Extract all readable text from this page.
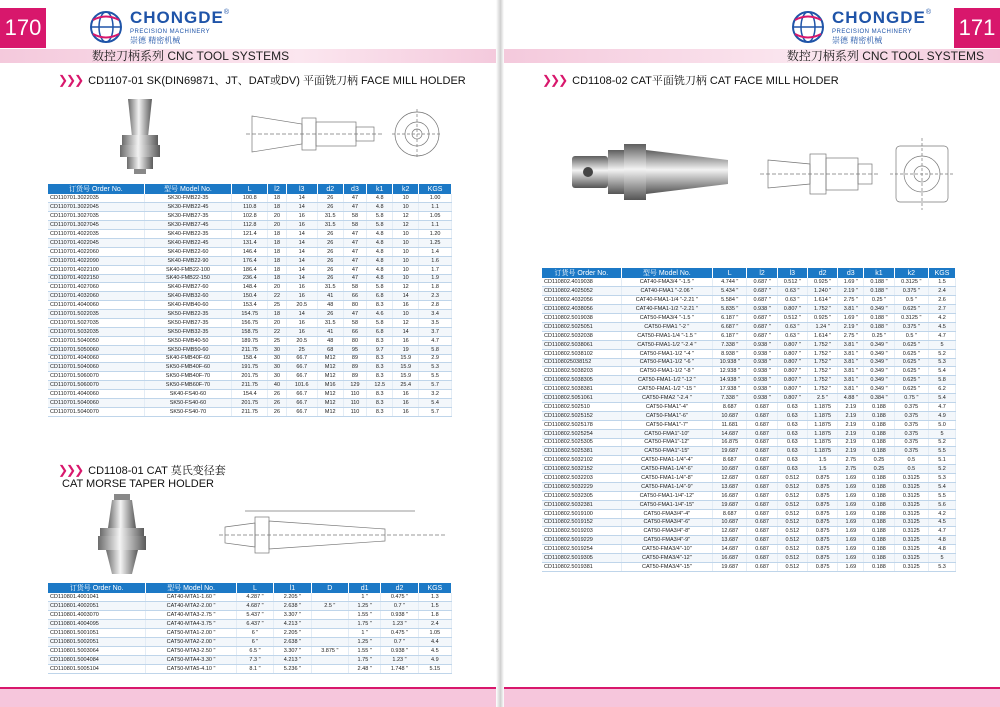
170	CHONGDE®
PRECISION MACHINERY
崇德 精密机械
数控刀柄系列 CNC TOOL SYSTEMS
❯❯❯ CD1107-01 SK(DIN69871、JT、DAT或DV) 平面铣刀柄 FACE MILL HOLDER
订货号 Order No.	型号 Model No.	L	l2	l3	d2	d3	k1	k2	KGS
CD110701.3022035	SK30-FMB22-35	100.8	18	14	26	47	4.8	10	1.00
CD110701.3022045	SK30-FMB22-45	110.8	18	14	26	47	4.8	10	1.1
CD110701.3027035	SK30-FMB27-35	102.8	20	16	31.5	58	5.8	12	1.05
CD110701.3027045	SK30-FMB27-45	112.8	20	16	31.5	58	5.8	12	1.1
CD110701.4022035	SK40-FMB22-35	121.4	18	14	26	47	4.8	10	1.20
CD110701.4022045	SK40-FMB22-45	131.4	18	14	26	47	4.8	10	1.25
CD110701.4022060	SK40-FMB22-60	146.4	18	14	26	47	4.8	10	1.4
CD110701.4022090	SK40-FMB22-90	176.4	18	14	26	47	4.8	10	1.6
CD110701.4022100	SK40-FMB22-100	186.4	18	14	26	47	4.8	10	1.7
CD110701.4022150	SK40-FMB22-150	236.4	18	14	26	47	4.8	10	1.9
CD110701.4027060	SK40-FMB27-60	148.4	20	16	31.5	58	5.8	12	1.8
CD110701.4032060	SK40-FMB32-60	150.4	22	16	41	66	6.8	14	2.3
CD110701.4040060	SK40-FMB40-60	153.4	25	20.5	48	80	8.3	16	2.8
CD110701.5022035	SK50-FMB22-35	154.75	18	14	26	47	4.6	10	3.4
CD110701.5027035	SK50-FMB27-35	156.75	20	16	31.5	58	5.8	12	3.5
CD110701.5032035	SK50-FMB32-35	158.75	22	16	41	66	6.8	14	3.7
CD110701.5040050	SK50-FMB40-50	189.75	25	20.5	48	80	8.3	16	4.7
CD110701.5050060	SK50-FMB50-60	211.75	30	25	68	95	9.7	19	5.8
CD110701.4040060	SK40-FMB40F-60	158.4	30	66.7	M12	89	8.3	15.9	2.9
CD110701.5040060	SK50-FMB40F-60	191.75	30	66.7	M12	89	8.3	15.9	5.3
CD110701.5060070	SK50-FMB40F-70	201.75	30	66.7	M12	89	8.3	15.9	5.5
CD110701.5060070	SK50-FMB60F-70	211.75	40	101.6	M16	129	12.5	25.4	5.7
CD110701.4040060	SK40-FS40-60	154.4	26	66.7	M12	110	8.3	16	3.2
CD110701.5040060	SK50-FS40-60	201.75	26	66.7	M12	110	8.3	16	5.4
CD110701.5040070	SK50-FS40-70	211.75	26	66.7	M12	110	8.3	16	5.7
❯❯❯ CD1108-01 CAT 莫氏变径套
CAT MORSE TAPER HOLDER
订货号 Order No.	型号 Model No.	L	l1	D	d1	d2	KGS
CD110801.4001041	CAT40-MTA1-1.60 "	4.287 "	2.205 "		1 "	0.475 "	1.3
CD110801.4002051	CAT40-MTA2-2.00 "	4.687 "	2.638 "	2.5 "	1.25 "	0.7 "	1.5
CD110801.4003070	CAT40-MTA3-2.75 "	5.437 "	3.307 "		1.55 "	0.938 "	1.8
CD110801.4004095	CAT40-MTA4-3.75 "	6.437 "	4.213 "		1.75 "	1.23 "	2.4
CD110801.5001051	CAT50-MTA1-2.00 "	6 "	2.205 "		1 "	0.475 "	1.05
CD110801.5002051	CAT50-MTA2-2.00 "	6 "	2.638 "		1.25 "	0.7 "	4.4
CD110801.5003064	CAT50-MTA3-2.50 "	6.5 "	3.307 "	3.875 "	1.55 "	0.938 "	4.5
CD110801.5004084	CAT50-MTA4-3.30 "	7.3 "	4.213 "		1.75 "	1.23 "	4.9
CD110801.5005104	CAT50-MTA5-4.10 "	8.1 "	5.236 "		2.48 "	1.748 "	5.15
171
CHONGDE®
PRECISION MACHINERY
崇德 精密机械
数控刀柄系列 CNC TOOL SYSTEMS
❯❯❯ CD1108-02 CAT平面铣刀柄 CAT FACE MILL HOLDER
订货号 Order No.	型号 Model No.	L	l2	l3	d2	d3	k1	k2	KGS
CD110802.4019038	CAT40-FMA3/4 "-1.5 "	4.744 "	0.687 "	0.512 "	0.925 "	1.69 "	0.188 "	0.3125 "	1.5
CD110802.4025052	CAT40-FMA1 "-2.06 "	5.434 "	0.687 "	0.63 "	1.240 "	2.19 "	0.188 "	0.375 "	2.4
CD110802.4032056	CAT40-FMA1-1/4 "-2.21 "	5.584 "	0.687 "	0.63 "	1.614 "	2.75 "	0.25 "	0.5 "	2.6
CD110802.4038056	CAT40-FMA1-1/2 "-2.21 "	5.835 "	0.938 "	0.807 "	1.752 "	3.81 "	0.349 "	0.625 "	2.7
CD110802.5019038	CAT50-FMA3/4 "-1.5 "	6.187 "	0.687 "	0.512 "	0.925 "	1.69 "	0.188 "	0.3125 "	4.2
CD110802.5025051	CAT50-FMA1 "-2 "	6.687 "	0.687 "	0.63 "	1.24 "	2.19 "	0.188 "	0.375 "	4.5
CD110802.5032038	CAT50-FMA1-1/4 "-1.5 "	6.187 "	0.687 "	0.63 "	1.614 "	2.75 "	0.25 "	0.5 "	4.7
CD110802.5038061	CAT50-FMA1-1/2 "-2.4 "	7.338 "	0.938 "	0.807 "	1.752 "	3.81 "	0.349 "	0.625 "	5
CD110802.5038102	CAT50-FMA1-1/2 "-4 "	8.938 "	0.938 "	0.807 "	1.752 "	3.81 "	0.349 "	0.625 "	5.2
CD1108025038152	CAT50-FMA1-1/2 "-6 "	10.938 "	0.938 "	0.807 "	1.752 "	3.81 "	0.349 "	0.625 "	5.3
CD110802.5038203	CAT50-FMA1-1/2 "-8 "	12.938 "	0.938 "	0.807 "	1.752 "	3.81 "	0.349 "	0.625 "	5.4
CD110802.5038305	CAT50-FMA1-1/2 "-12 "	14.938 "	0.938 "	0.807 "	1.752 "	3.81 "	0.349 "	0.625 "	5.8
CD110802.5038381	CAT50-FMA1-1/2 "-15 "	17.938 "	0.938 "	0.807 "	1.752 "	3.81 "	0.349 "	0.625 "	6.2
CD110802.5051061	CAT50-FMA2 "-2.4 "	7.338 "	0.938 "	0.807 "	2.5 "	4.88 "	0.384 "	0.75 "	5.4
CD110802.502510	CAT50-FMA1"-4"	8.687	0.687	0.63	1.1875	2.19	0.188	0.375	4.7
CD110802.5025152	CAT50-FMA1"-6"	10.687	0.687	0.63	1.1875	2.19	0.188	0.375	4.9
CD110802.5025178	CAT50-FMA1"-7"	11.681	0.687	0.63	1.1875	2.19	0.188	0.375	5.0
CD110802.5025254	CAT50-FMA1"-10"	14.687	0.687	0.63	1.1875	2.19	0.188	0.375	5
CD110802.5025305	CAT50-FMA1"-12"	16.875	0.687	0.63	1.1875	2.19	0.188	0.375	5.2
CD110802.5025381	CAT50-FMA1"-15"	19.687	0.687	0.63	1.1875	2.19	0.188	0.375	5.5
CD110802.5032102	CAT50-FMA1-1/4"-4"	8.687	0.687	0.63	1.5	2.75	0.25	0.5	5.1
CD110802.5032152	CAT50-FMA1-1/4"-6"	10.687	0.687	0.63	1.5	2.75	0.25	0.5	5.2
CD110802.5032203	CAT50-FMA1-1/4"-8"	12.687	0.687	0.512	0.875	1.69	0.188	0.3125	5.3
CD110802.5032229	CAT50-FMA1-1/4"-9"	13.687	0.687	0.512	0.875	1.69	0.188	0.3125	5.4
CD110802.5032305	CAT50-FMA1-1/4"-12"	16.687	0.687	0.512	0.875	1.69	0.188	0.3125	5.5
CD110802.5032381	CAT50-FMA1-1/4"-15"	19.687	0.687	0.512	0.875	1.69	0.188	0.3125	5.6
CD110802.5019100	CAT50-FMA3/4"-4"	8.687	0.687	0.512	0.875	1.69	0.188	0.3125	4.2
CD110802.5019152	CAT50-FMA3/4"-6"	10.687	0.687	0.512	0.875	1.69	0.188	0.3125	4.5
CD110802.5019203	CAT50-FMA3/4"-8"	12.687	0.687	0.512	0.875	1.69	0.188	0.3125	4.7
CD110802.5019229	CAT50-FMA3/4"-9"	13.687	0.687	0.512	0.875	1.69	0.188	0.3125	4.8
CD110802.5019254	CAT50-FMA3/4"-10"	14.687	0.687	0.512	0.875	1.69	0.188	0.3125	4.8
CD110802.5019305	CAT50-FMA3/4"-12"	16.687	0.687	0.512	0.875	1.69	0.188	0.3125	5
CD110802.5019381	CAT50-FMA3/4"-15"	19.687	0.687	0.512	0.875	1.69	0.188	0.3125	5.3
